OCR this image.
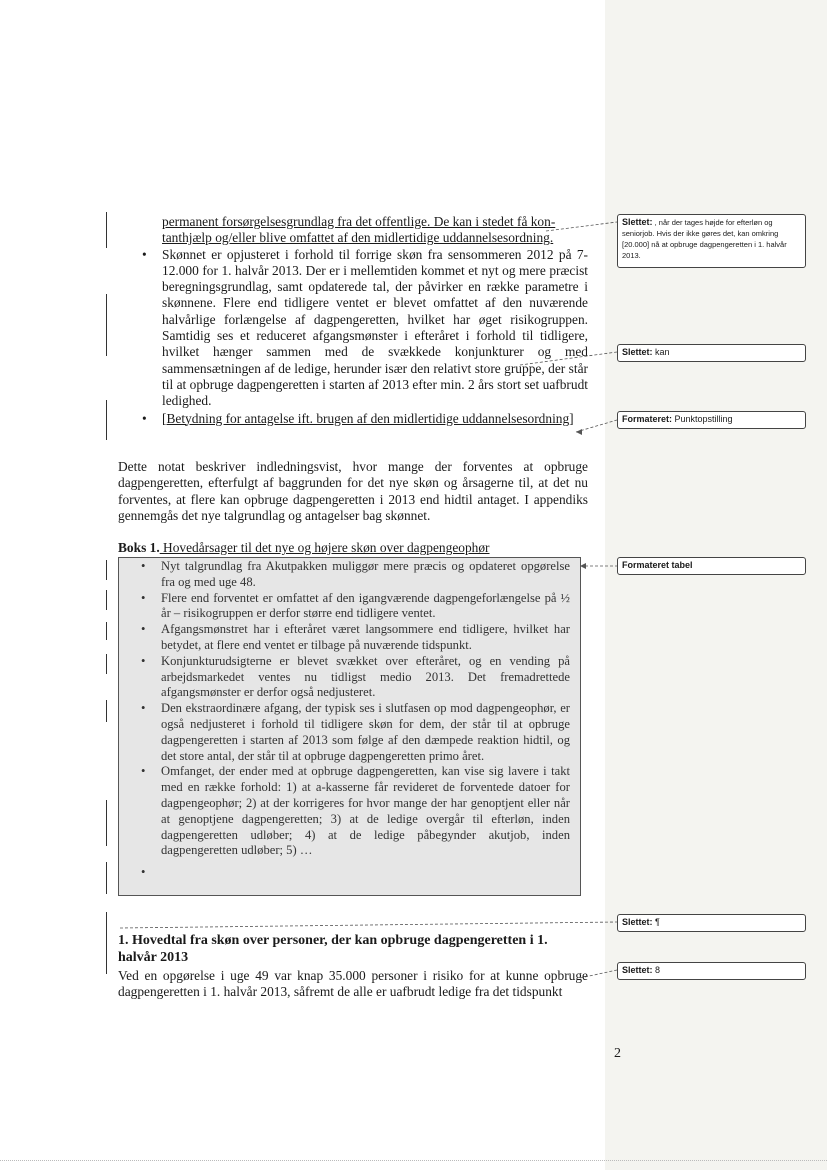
permanent forsørgelsesgrundlag fra det offentlige. De kan i stedet få kon-
tanthjælp og/eller blive omfattet af den midlertidige uddannelsesordning.
• Skønnet er opjusteret i forhold til forrige skøn fra sensommeren 2012 på 7-12.000 for 1. halvår 2013. Der er i mellemtiden kommet et nyt og mere præcist beregningsgrundlag, samt opdaterede tal, der påvirker en række parametre i skønnene. Flere end tidligere ventet er blevet omfattet af den nuværende halvårlige forlængelse af dagpengeretten, hvilket har øget risikogruppen. Samtidig ses et reduceret afgangsmønster i efteråret i forhold til tidligere, hvilket hænger sammen med de svækkede konjunkturer og med sammensætningen af de ledige, herunder især den relativt store gruppe, der står til at opbruge dagpengeretten i starten af 2013 efter min. 2 års stort set uafbrudt ledighed.
• [Betydning for antagelse ift. brugen af den midlertidige uddannelsesordning]

Dette notat beskriver indledningsvist, hvor mange der forventes at opbruge dagpengeretten, efterfulgt af baggrunden for det nye skøn og årsagerne til, at det nu forventes, at flere kan opbruge dagpengeretten i 2013 end hidtil antaget. I appendiks gennemgås det nye talgrundlag og antagelser bag skønnet.

Boks 1. Hovedårsager til det nye og højere skøn over dagpengeophør
• Nyt talgrundlag fra Akutpakken muliggør mere præcis og opdateret opgørelse fra og med uge 48.
• Flere end forventet er omfattet af den igangværende dagpengeforlængelse på ½ år – risikogruppen er derfor større end tidligere ventet.
• Afgangsmønstret har i efteråret været langsommere end tidligere, hvilket har betydet, at flere end ventet er tilbage på nuværende tidspunkt.
• Konjunkturudsigterne er blevet svækket over efteråret, og en vending på arbejdsmarkedet ventes nu tidligst medio 2013. Det fremadrettede afgangsmønster er derfor også nedjusteret.
• Den ekstraordinære afgang, der typisk ses i slutfasen op mod dagpengeophør, er også nedjusteret i forhold til tidligere skøn for dem, der står til at opbruge dagpengeretten i starten af 2013 som følge af den dæmpede reaktion hidtil, og det store antal, der står til at opbruge dagpengeretten primo året.
• Omfanget, der ender med at opbruge dagpengeretten, kan vise sig lavere i takt med en række forhold: 1) at a-kasserne får revideret de forventede datoer for dagpengeophør; 2) at der korrigeres for hvor mange der har genoptjent eller når at genoptjene dagpengeretten; 3) at de ledige overgår til efterløn, inden dagpengeretten udløber; 4) at de ledige påbegynder akutjob, inden dagpengeretten udløber; 5) …
•

1. Hovedtal fra skøn over personer, der kan opbruge dagpengeretten i 1. halvår 2013

Ved en opgørelse i uge 49 var knap 35.000 personer i risiko for at kunne opbruge dagpengeretten i 1. halvår 2013, såfremt de alle er uafbrudt ledige fra det tidspunkt

2
Slettet: , når der tages højde for efterløn og seniorjob. Hvis der ikke gøres det, kan omkring [20.000] nå at opbruge dagpengeretten i 1. halvår 2013.
Slettet: kan
Formateret: Punktopstilling
Formateret tabel
Slettet: ¶
Slettet: 8
